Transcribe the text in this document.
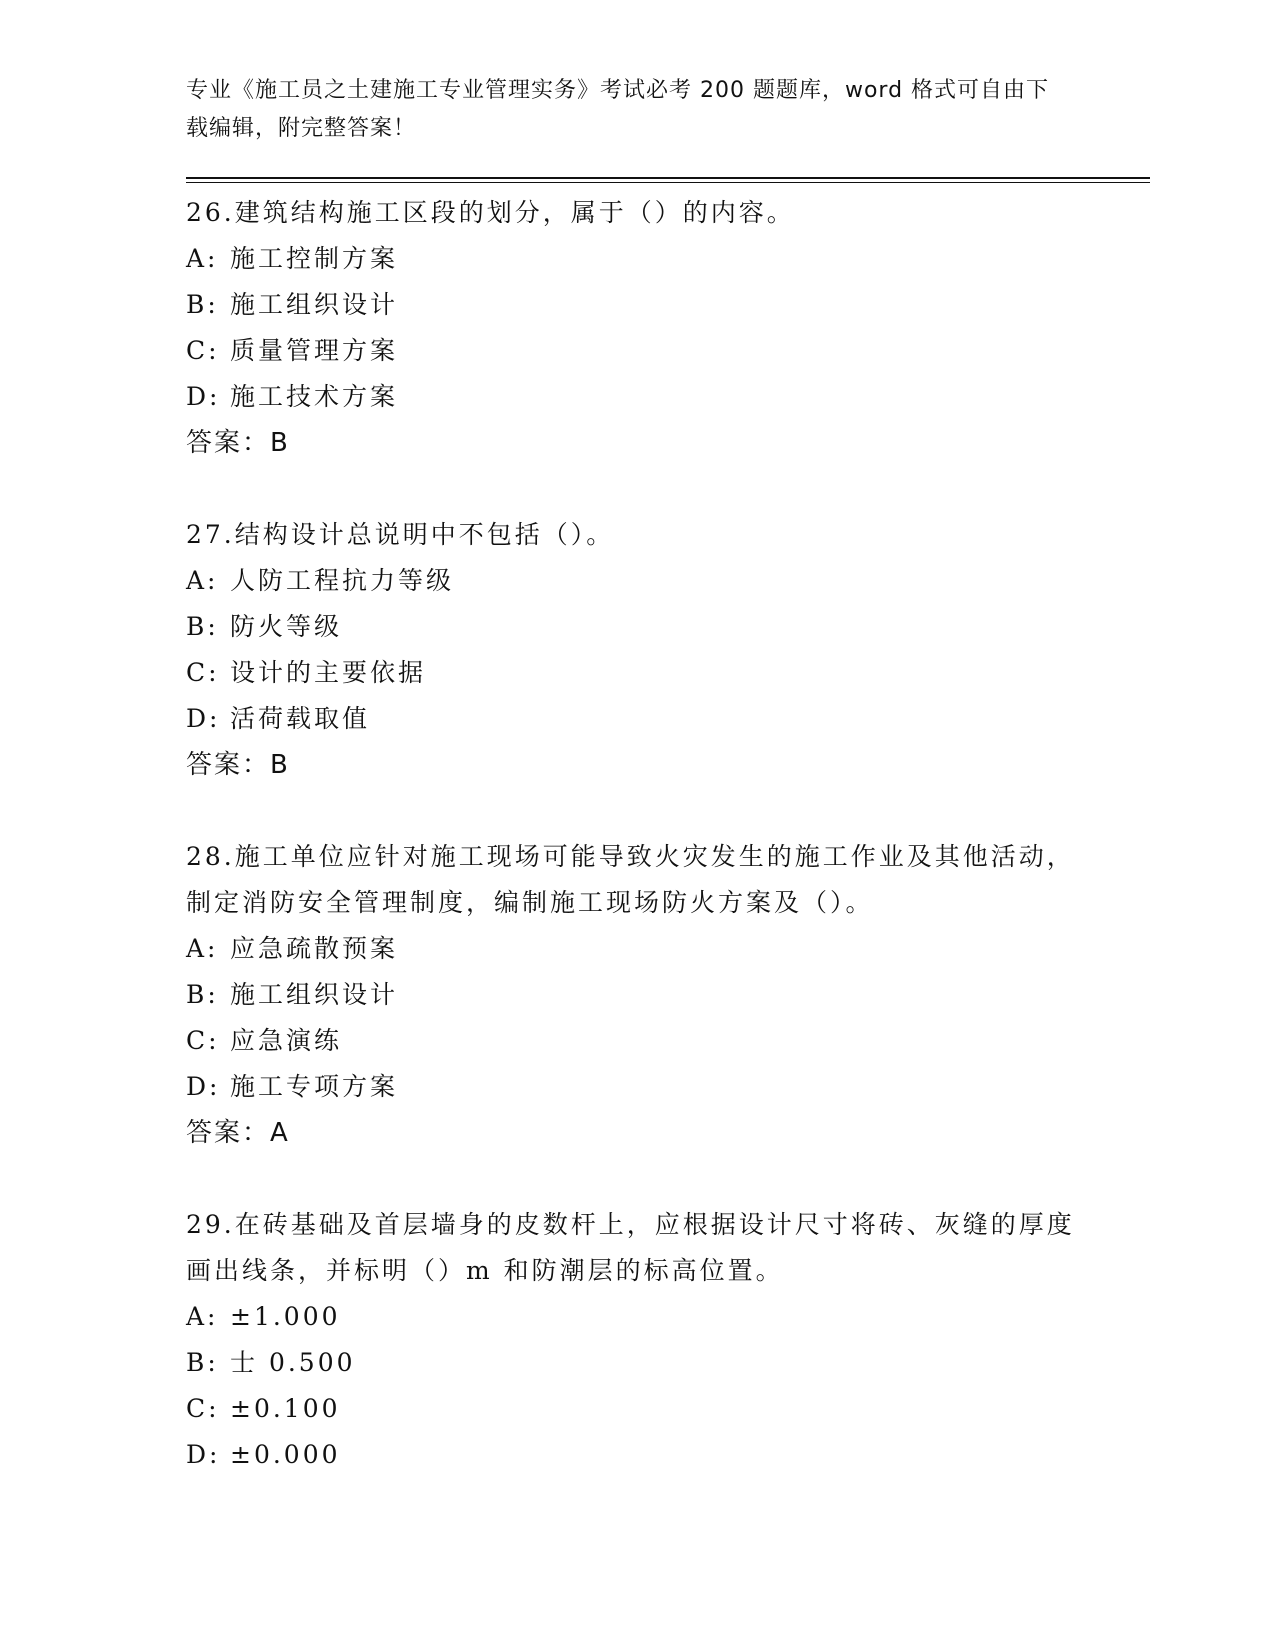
专业《施工员之土建施工专业管理实务》考试必考 200 题题库，word 格式可自由下载编辑，附完整答案！

26.建筑结构施工区段的划分，属于（）的内容。

A: 施工控制方案

B: 施工组织设计

C: 质量管理方案

D: 施工技术方案

答案：B

27.结构设计总说明中不包括（）。

A: 人防工程抗力等级

B: 防火等级

C: 设计的主要依据

D: 活荷载取值

答案：B

28.施工单位应针对施工现场可能导致火灾发生的施工作业及其他活动，制定消防安全管理制度，编制施工现场防火方案及（）。

A: 应急疏散预案

B: 施工组织设计

C: 应急演练

D: 施工专项方案

答案：A

29.在砖基础及首层墙身的皮数杆上，应根据设计尺寸将砖、灰缝的厚度画出线条，并标明（）m 和防潮层的标高位置。

A: ±1.000

B: 士 0.500

C: ±0.100

D: ±0.000
